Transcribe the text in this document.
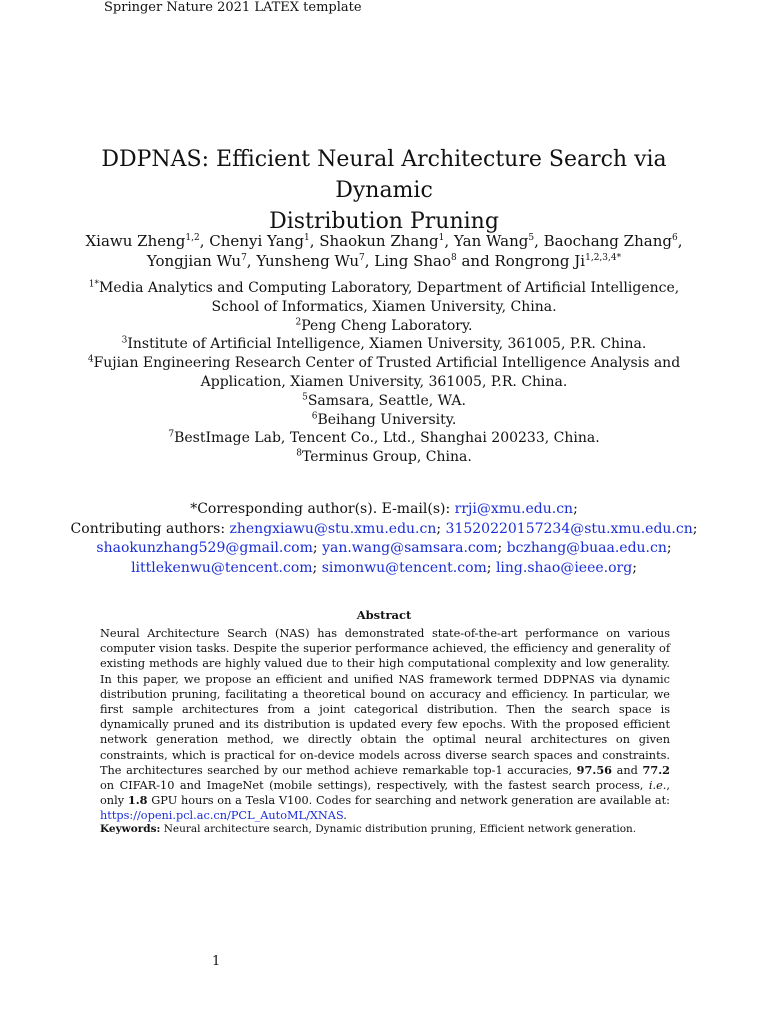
Springer Nature 2021 LATEX template
DDPNAS: Efficient Neural Architecture Search via Dynamic
Distribution Pruning
Xiawu Zheng$^{1,2}$, Chenyi Yang$^1$, Shaokun Zhang$^1$, Yan Wang$^5$, Baochang Zhang$^6$, Yongjian Wu$^7$, Yunsheng Wu$^7$, Ling Shao$^8$ and Rongrong $Ji^{1,2,3,4*}$
$^{1*}$Media Analytics and Computing Laboratory, Department of Artificial Intelligence,
School of Informatics, Xiamen University, China.
$^2$Peng Cheng Laboratory.
$^3$Institute of Artificial Intelligence, Xiamen University, 361005, P.R. China.
$^4$Fujian Engineering Research Center of Trusted Artificial Intelligence Analysis and
Application, Xiamen University, 361005, P.R. China.
$^5$Samsara, Seattle, WA.
$^6$Beihang University.
$^7$BestImage Lab, Tencent Co., Ltd., Shanghai 200233, China.
$^8$Terminus Group, China.
*Corresponding author(s). E-mail(s): rrji@xmu.edu.cn;
Contributing authors: zhengxiawu@stu.xmu.edu.cn; 31520220157234@stu.xmu.edu.cn;
shaokunzhang529@gmail.com; yan.wang@samsara.com; bczhang@buaa.edu.cn;
littlekenwu@tencent.com; simonwu@tencent.com; ling.shao@ieee.org;
Abstract
Neural Architecture Search (NAS) has demonstrated state-of-the-art performance on various computer vision tasks. Despite the superior performance achieved, the efficiency and generality of existing methods are highly valued due to their high computational complexity and low generality. In this paper, we propose an efficient and unified NAS framework termed DDPNAS via dynamic distribution pruning, facilitating a theoretical bound on accuracy and efficiency. In particular, we first sample architectures from a joint categorical distribution. Then the search space is dynamically pruned and its distribution is updated every few epochs. With the proposed efficient network generation method, we directly obtain the optimal neural architectures on given constraints, which is practical for on-device models across diverse search spaces and constraints. The architectures searched by our method achieve remarkable top-1 accuracies, 97.56 and 77.2 on CIFAR-10 and ImageNet (mobile settings), respectively, with the fastest search process, i.e., only 1.8 GPU hours on a Tesla V100. Codes for searching and network generation are available at: https://openi.pcl.ac.cn/PCL_AutoML/XNAS.
Keywords: Neural architecture search, Dynamic distribution pruning, Efficient network generation.
1
